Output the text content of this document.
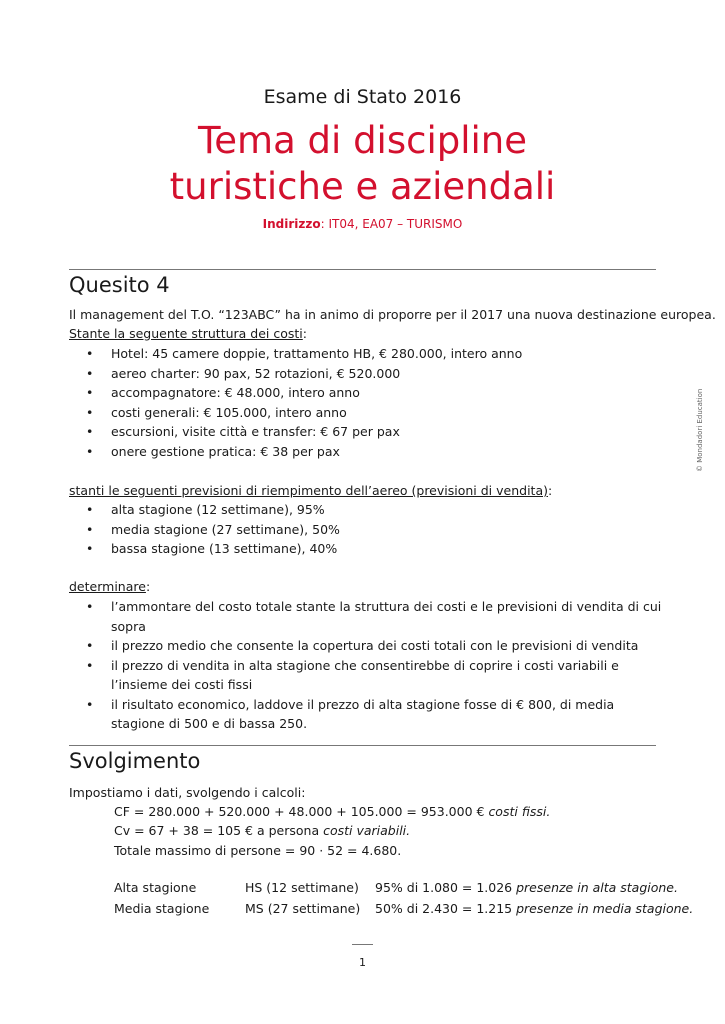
Esame di Stato 2016
Tema di discipline
turistiche e aziendali
Indirizzo: IT04, EA07 – TURISMO
Quesito 4
Il management del T.O. “123ABC” ha in animo di proporre per il 2017 una nuova destinazione europea.
Stante la seguente struttura dei costi:
• Hotel: 45 camere doppie, trattamento HB, € 280.000, intero anno
• aereo charter: 90 pax, 52 rotazioni, € 520.000
• accompagnatore: € 48.000, intero anno
• costi generali: € 105.000, intero anno
• escursioni, visite città e transfer: € 67 per pax
• onere gestione pratica: € 38 per pax
stanti le seguenti previsioni di riempimento dell’aereo (previsioni di vendita):
• alta stagione (12 settimane), 95%
• media stagione (27 settimane), 50%
• bassa stagione (13 settimane), 40%
determinare:
• l’ammontare del costo totale stante la struttura dei costi e le previsioni di vendita di cui sopra
• il prezzo medio che consente la copertura dei costi totali con le previsioni di vendita
• il prezzo di vendita in alta stagione che consentirebbe di coprire i costi variabili e l’insieme dei costi fissi
• il risultato economico, laddove il prezzo di alta stagione fosse di € 800, di media stagione di 500 e di bassa 250.
Svolgimento
Impostiamo i dati, svolgendo i calcoli:
CF = 280.000 + 520.000 + 48.000 + 105.000 = 953.000 € costi fissi.
Cv = 67 + 38 = 105 € a persona costi variabili.
Totale massimo di persone = 90 · 52 = 4.680.
Alta stagione	HS (12 settimane) 95% di 1.080 = 1.026 presenze in alta stagione.
Media stagione	MS (27 settimane) 50% di 2.430 = 1.215 presenze in media stagione.
© Mondadori Education
1
